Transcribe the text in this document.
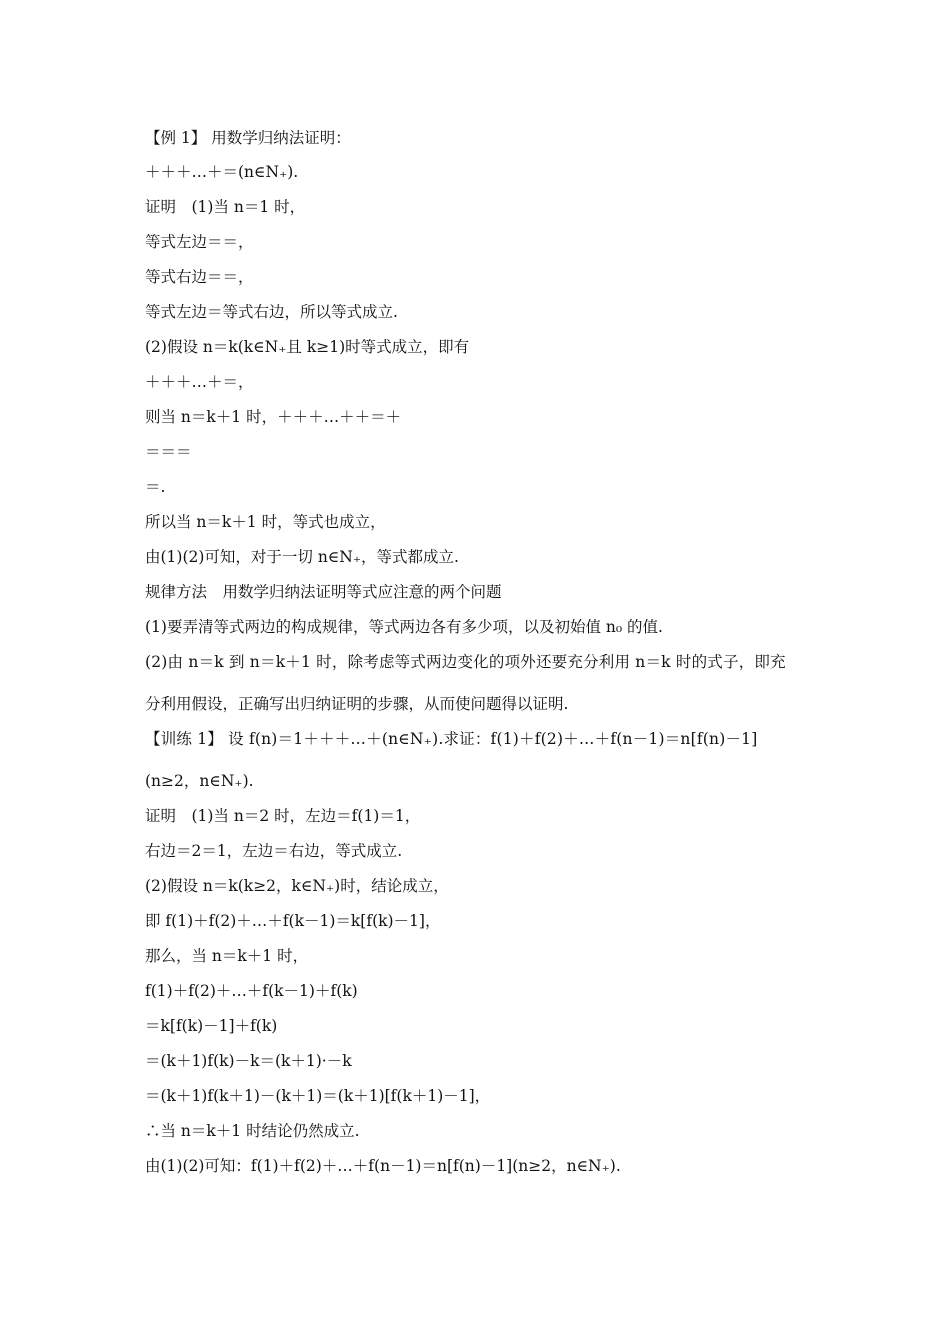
【例 1】 用数学归纳法证明：
＋＋＋…＋＝(n∈N₊).
证明　(1)当 n＝1 时，
等式左边＝＝，
等式右边＝＝，
等式左边＝等式右边，所以等式成立.
(2)假设 n＝k(k∈N₊且 k≥1)时等式成立，即有
＋＋＋…＋＝，
则当 n＝k＋1 时，＋＋＋…＋＋＝＋
＝＝＝
＝.
所以当 n＝k＋1 时，等式也成立，
由(1)(2)可知，对于一切 n∈N₊，等式都成立.
规律方法　用数学归纳法证明等式应注意的两个问题
(1)要弄清等式两边的构成规律，等式两边各有多少项，以及初始值 n₀ 的值.
(2)由 n＝k 到 n＝k＋1 时，除考虑等式两边变化的项外还要充分利用 n＝k 时的式子，即充
分利用假设，正确写出归纳证明的步骤，从而使问题得以证明.
【训练 1】 设 f(n)＝1＋＋＋…＋(n∈N₊).求证：f(1)＋f(2)＋…＋f(n－1)＝n[f(n)－1]
(n≥2，n∈N₊).
证明　(1)当 n＝2 时，左边＝f(1)＝1，
右边＝2＝1，左边＝右边，等式成立.
(2)假设 n＝k(k≥2，k∈N₊)时，结论成立，
即 f(1)＋f(2)＋…＋f(k－1)＝k[f(k)－1]，
那么，当 n＝k＋1 时，
f(1)＋f(2)＋…＋f(k－1)＋f(k)
＝k[f(k)－1]＋f(k)
＝(k＋1)f(k)－k＝(k＋1)·－k
＝(k＋1)f(k＋1)－(k＋1)＝(k＋1)[f(k＋1)－1]，
∴当 n＝k＋1 时结论仍然成立.
由(1)(2)可知：f(1)＋f(2)＋…＋f(n－1)＝n[f(n)－1](n≥2，n∈N₊).
